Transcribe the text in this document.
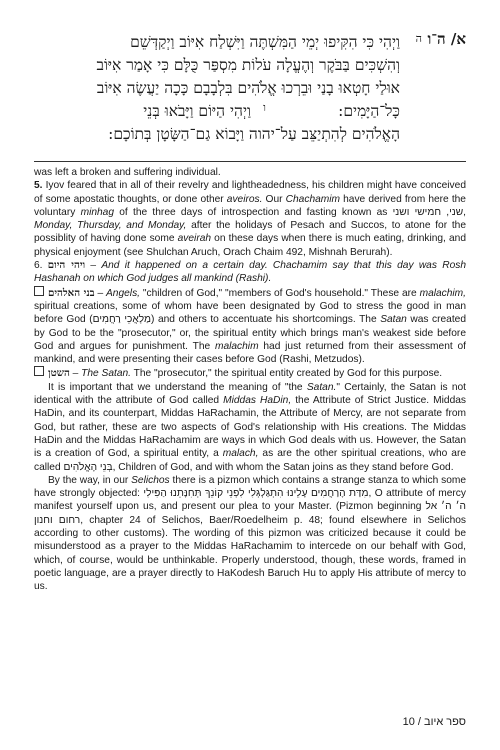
א/ ה־ו
ה
וַיְהִי כִּי הִקִּיפוּ יְמֵי הַמִּשְׁתֶּה וַיִּשְׁלַח אִיּוֹב וַיְקַדְּשֵׁם
וְהִשְׁכִּים בַּבֹּקֶר וְהֶעֱלָה עֹלוֹת מִסְפַּר כֻּלָּם כִּי אָמַר אִיּוֹב
אוּלַי חָטְאוּ בָנַי וּבֵרְכוּ אֱלֹהִים בִּלְבָבָם כָּכָה יַעֲשֶׂה אִיּוֹב
ו
וַיְהִי הַיּוֹם וַיָּבֹאוּ בְּנֵי	כָּל־הַיָּמִים:
הָאֱלֹהִים לְהִתְיַצֵּב עַל־יהוה וַיָּבוֹא גַם־הַשָּׂטָן בְּתוֹכָם:

was left a broken and suffering individual.

5. Iyov feared that in all of their revelry and lightheadedness, his children might have conceived of some apostatic thoughts, or done other aveiros. Our Chachamim have derived from here the voluntary minhag of the three days of introspection and fasting known as שני, חמישי ושני, Monday, Thursday, and Monday, after the holidays of Pesach and Succos, to atone for the possiblity of having done some aveirah on these days when there is much eating, drinking, and physical enjoyment (see Shulchan Aruch, Orach Chaim 492, Mishnah Berurah).

6. ויהי היום – And it happened on a certain day. Chachamim say that this day was Rosh Hashanah on which God judges all mankind (Rashi).

בני האלהים – Angels, "children of God," "members of God's household." These are malachim, spiritual creations, some of whom have been designated by God to stress the good in man before God (מַלְאֲכֵי רַחֲמִים) and others to accentuate his shortcomings. The Satan was created by God to be the "prosecutor," or, the spiritual entity which brings man's weakest side before God and argues for punishment. The malachim had just returned from their assessment of mankind, and were presenting their cases before God (Rashi, Metzudos).

השטן – The Satan. The "prosecutor," the spiritual entity created by God for this purpose.

It is important that we understand the meaning of "the Satan." Certainly, the Satan is not identical with the attribute of God called Middas HaDin, the Attribute of Strict Justice. Middas HaDin, and its counterpart, Middas HaRachamin, the Attribute of Mercy, are not separate from God, but rather, these are two aspects of God's relationship with His creations. The Middas HaDin and the Middas HaRachamim are ways in which God deals with us. However, the Satan is a creation of God, a spiritual entity, a malach, as are the other spiritual creations, who are called בְּנֵי הָאֱלֹהִים, Children of God, and with whom the Satan joins as they stand before God.

By the way, in our Selichos there is a pizmon which contains a strange stanza to which some have strongly objected: מִדַּת הָרַחֲמִים עָלֵינוּ הִתְגַּלְגְּלִי לִפְנֵי קוֹנֵךְ תְּחִנָּתֵנוּ הַפִּילִי, O attribute of mercy manifest yourself upon us, and present our plea to your Master. (Pizmon beginning ה׳ ה׳ אל רחום וחנון, chapter 24 of Selichos, Baer/Roedelheim p. 48; found elsewhere in Selichos according to other customs). The wording of this pizmon was criticized because it could be misunderstood as a prayer to the Middas HaRachamim to intercede on our behalf with God, which, of course, would be unthinkable. Properly understood, though, these words, framed in poetic language, are a prayer directly to HaKodesh Baruch Hu to apply His attribute of mercy to us.

ספר איוב / 10
